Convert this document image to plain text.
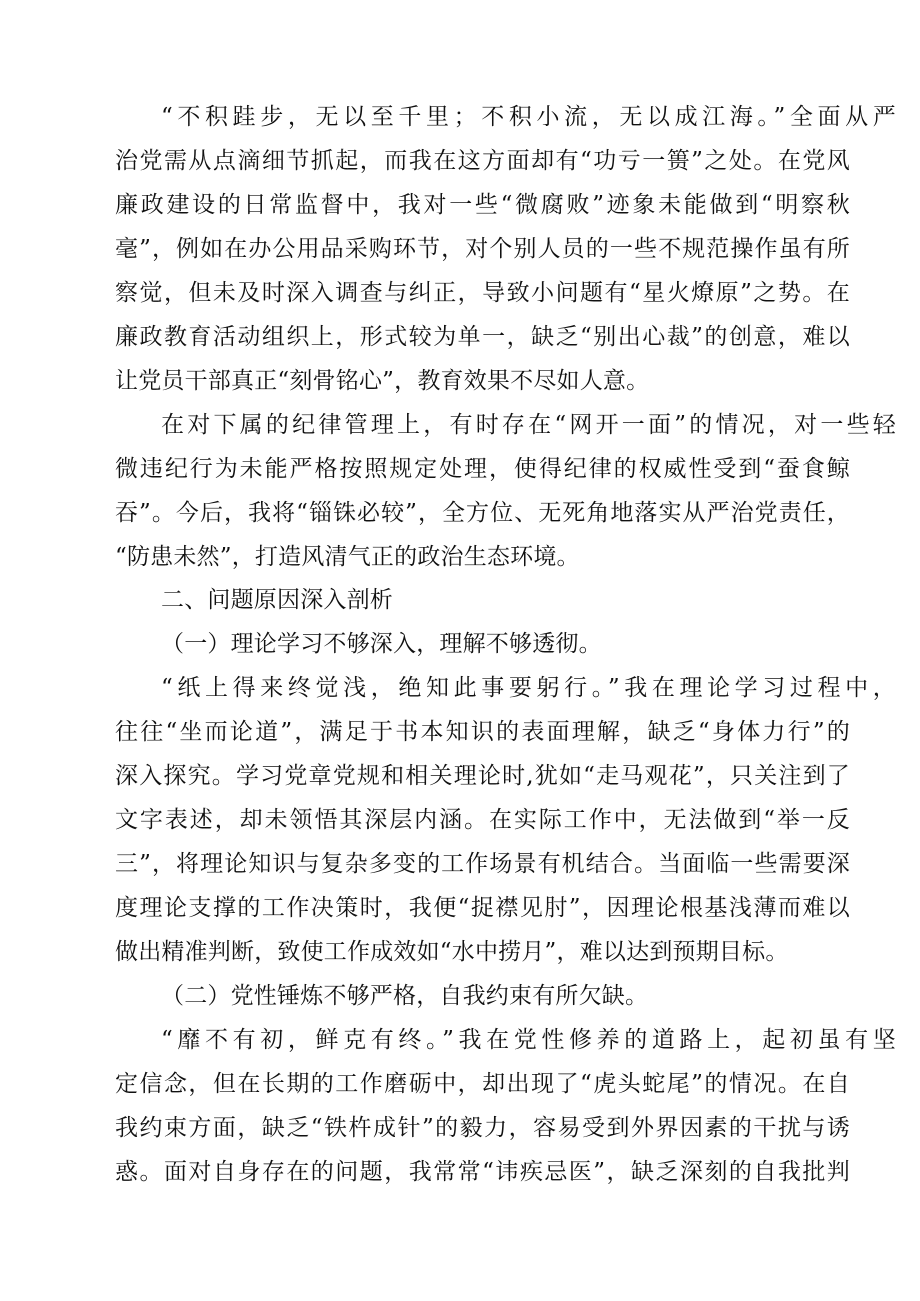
“不积跬步，无以至千里；不积小流，无以成江海。”全面从严
治党需从点滴细节抓起，而我在这方面却有“功亏一篑”之处。在党风
廉政建设的日常监督中，我对一些“微腐败”迹象未能做到“明察秋
毫”，例如在办公用品采购环节，对个别人员的一些不规范操作虽有所
察觉，但未及时深入调查与纠正，导致小问题有“星火燎原”之势。在
廉政教育活动组织上，形式较为单一，缺乏“别出心裁”的创意，难以
让党员干部真正“刻骨铭心”，教育效果不尽如人意。
在对下属的纪律管理上，有时存在“网开一面”的情况，对一些轻
微违纪行为未能严格按照规定处理，使得纪律的权威性受到“蚕食鲸
吞”。今后，我将“锱铢必较”，全方位、无死角地落实从严治党责任，
“防患未然”，打造风清气正的政治生态环境。
二、问题原因深入剖析
（一）理论学习不够深入，理解不够透彻。
“纸上得来终觉浅，绝知此事要躬行。”我在理论学习过程中，
往往“坐而论道”，满足于书本知识的表面理解，缺乏“身体力行”的
深入探究。学习党章党规和相关理论时,犹如“走马观花”，只关注到了
文字表述，却未领悟其深层内涵。在实际工作中，无法做到“举一反
三”，将理论知识与复杂多变的工作场景有机结合。当面临一些需要深
度理论支撑的工作决策时，我便“捉襟见肘”，因理论根基浅薄而难以
做出精准判断，致使工作成效如“水中捞月”，难以达到预期目标。
（二）党性锤炼不够严格，自我约束有所欠缺。
“靡不有初，鲜克有终。”我在党性修养的道路上，起初虽有坚
定信念，但在长期的工作磨砺中，却出现了“虎头蛇尾”的情况。在自
我约束方面，缺乏“铁杵成针”的毅力，容易受到外界因素的干扰与诱
惑。面对自身存在的问题，我常常“讳疾忌医”，缺乏深刻的自我批判
